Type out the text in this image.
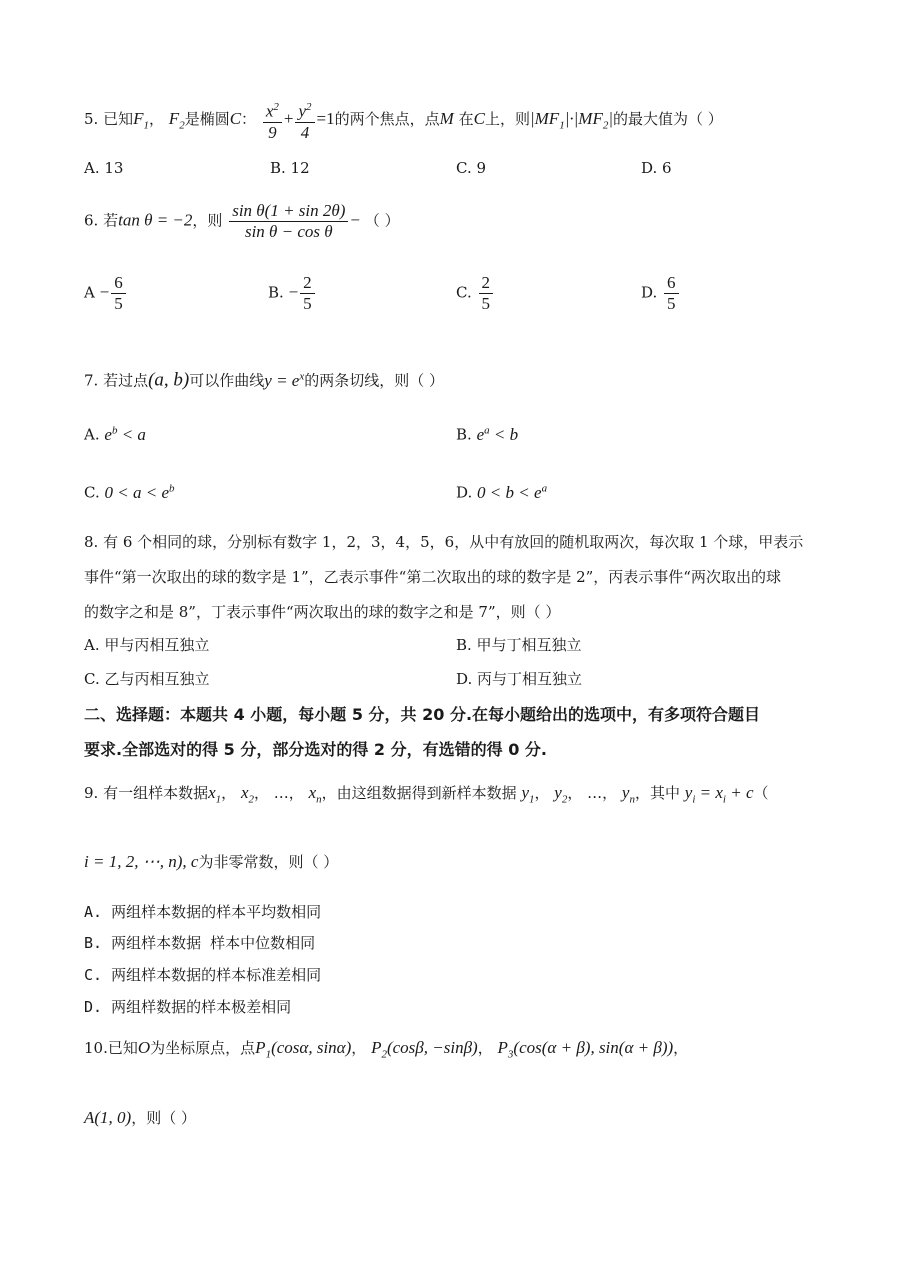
5. 已知$F_1$， $F_2$是椭圆C： $\frac{x^2}{9} + \frac{y^2}{4} =1$的两个焦点，点M 在C上，则$|MF_1|\cdot|MF_2|$的最大值为（ ）
A. 13	B. 12	C. 9	D. 6
6. 若tan θ = −2，则 $\frac{\text{sin θ(1 + sin 2θ)}}{\text{sin θ − cos θ}}$ − （ ）
$A - \frac{6}{5}$	B. − $\frac{2}{5}$	C. $\frac{2}{5}$	D. $\frac{6}{5}$
7. 若过点(a, b)可以作曲线$y = e^x$的两条切线，则（ ）
A. $e^b < a$	B. $e^a < b$
C. $0 < a < e^b$	D. $0 < b < e^a$
8. 有 6 个相同的球，分别标有数字 1，2，3，4，5，6，从中有放回的随机取两次，每次取 1 个球，甲表示
事件“第一次取出的球的数字是 1”，乙表示事件“第二次取出的球的数字是 2”，丙表示事件“两次取出的球
的数字之和是 8”，丁表示事件“两次取出的球的数字之和是 7”，则（ ）
A. 甲与丙相互独立	B. 甲与丁相互独立
C. 乙与丙相互独立	D. 丙与丁相互独立
二、选择题：本题共 4 小题，每小题 5 分，共 20 分.在每小题给出的选项中，有多项符合题目
要求.全部选对的得 5 分，部分选对的得 2 分，有选错的得 0 分.
9. 有一组样本数据$x_1$， $x_2$， …， $x_n$，由这组数据得到新样本数据 $y_1$， $y_2$， …， $y_n$，其中 $y_i = x_i + c$（
i = 1, 2, ⋯, n), c为非零常数，则（ ）
A. 两组样本数据的样本平均数相同
B. 两组样本数据 样本中位数相同
C. 两组样本数据的样本标准差相同
D. 两组样数据的样本极差相同
10.已知O为坐标原点，点$P_1(\cos\alpha$, sinα)， $P_2(\cos\beta$, −sinβ)， $P_3(\cos(\alpha + \beta)$, sin(α + β))，
A(1, 0)，则（ ）
